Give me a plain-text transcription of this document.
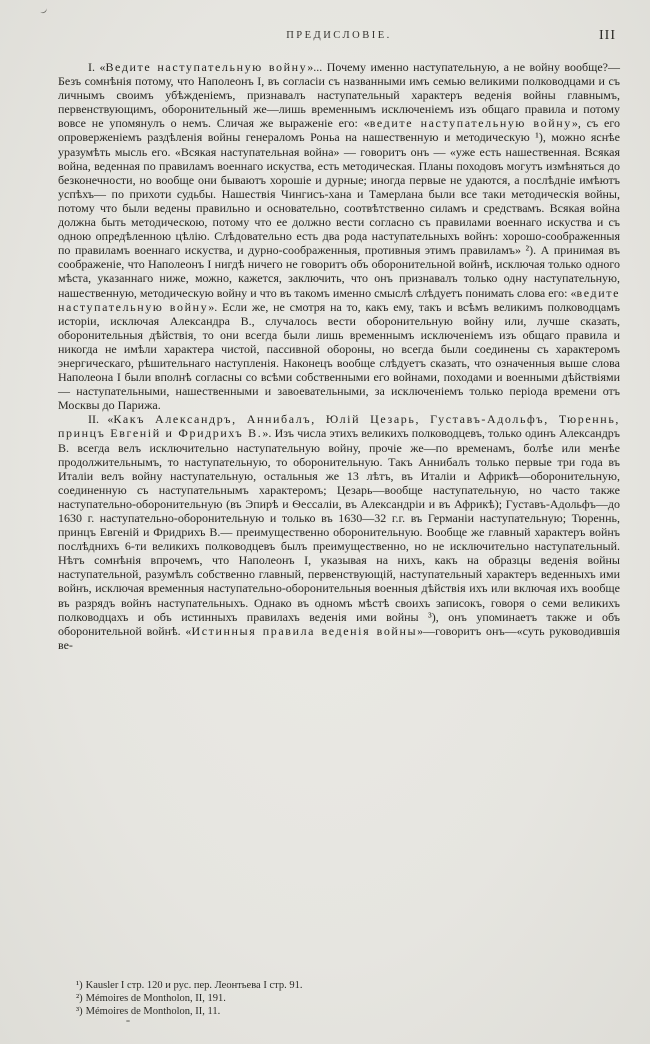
ПРЕДИСЛОВІЕ.	III

I. «Ведите наступательную войну»... Почему именно наступательную, а не войну вообще?— Безъ сомнѣнія потому, что Наполеонъ I, въ согласіи съ названными имъ семью великими полководцами и съ личнымъ своимъ убѣжденіемъ, признавалъ наступательный характеръ веденія войны главнымъ, первенствующимъ, оборонительный же—лишь временнымъ исключеніемъ изъ общаго правила и потому вовсе не упомянулъ о немъ. Сличая же выраженіе его: «ведите наступательную войну», съ его опроверженіемъ раздѣленія войны генераломъ Роньа на нашественную и методическую ¹), можно яснѣе уразумѣть мысль его. «Всякая наступательная война» — говоритъ онъ — «уже есть нашественная. Всякая война, веденная по правиламъ военнаго искуства, есть методическая. Планы походовъ могутъ измѣняться до безконечности, но вообще они бываютъ хорошіе и дурные; иногда первые не удаются, а послѣдніе имѣютъ успѣхъ— по прихоти судьбы. Нашествія Чингисъ-хана и Тамерлана были все таки методическія войны, потому что были ведены правильно и основательно, соотвѣтственно силамъ и средствамъ. Всякая война должна быть методическою, потому что ее должно вести согласно съ правилами военнаго искуства и съ одною опредѣленною цѣлію. Слѣдовательно есть два рода наступательныхъ войнъ: хорошо-соображенныя по правиламъ военнаго искуства, и дурно-соображенныя, противныя этимъ правиламъ» ²). А принимая въ соображеніе, что Наполеонъ I нигдѣ ничего не говоритъ объ оборонительной войнѣ, исключая только одного мѣста, указаннаго ниже, можно, кажется, заключить, что онъ признавалъ только одну наступательную, нашественную, методическую войну и что въ такомъ именно смыслѣ слѣдуетъ понимать слова его: «ведите наступательную войну». Если же, не смотря на то, какъ ему, такъ и всѣмъ великимъ полководцамъ исторіи, исключая Александра В., случалось вести оборонительную войну или, лучше сказать, оборонительныя дѣйствія, то они всегда были лишь временнымъ исключеніемъ изъ общаго правила и никогда не имѣли характера чистой, пассивной обороны, но всегда были соединены съ характеромъ энергическаго, рѣшительнаго наступленія. Наконецъ вообще слѣдуетъ сказать, что означенныя выше слова Наполеона I были вполнѣ согласны со всѣми собственными его войнами, походами и военными дѣйствіями— наступательными, нашественными и завоевательными, за исключеніемъ только періода времени отъ Москвы до Парижа.

II. «Какъ Александръ, Аннибалъ, Юлій Цезарь, Густавъ-Адольфъ, Тюреннь, принцъ Евгеній и Фридрихъ В.». Изъ числа этихъ великихъ полководцевъ, только одинъ Александръ В. всегда велъ исключительно наступательную войну, прочіе же—по временамъ, болѣе или менѣе продолжительнымъ, то наступательную, то оборонительную. Такъ Аннибалъ только первые три года въ Италіи велъ войну наступательную, остальныя же 13 лѣтъ, въ Италіи и Африкѣ—оборонительную, соединенную съ наступательнымъ характеромъ; Цезарь—вообще наступательную, но часто также наступательно-оборонительную (въ Эпирѣ и Ѳессаліи, въ Александріи и въ Африкѣ); Густавъ-Адольфъ—до 1630 г. наступательно-оборонительную и только въ 1630—32 г.г. въ Германіи наступательную; Тюреннь, принцъ Евгеній и Фридрихъ В.— преимущественно оборонительную. Вообще же главный характеръ войнъ послѣднихъ 6-ти великихъ полководцевъ былъ преимущественно, но не исключительно наступательный. Нѣтъ сомнѣнія впрочемъ, что Наполеонъ I, указывая на нихъ, какъ на образцы веденія войны наступательной, разумѣлъ собственно главный, первенствующій, наступательный характеръ веденныхъ ими войнъ, исключая временныя наступательно-оборонительныя военныя дѣйствія ихъ или включая ихъ вообще въ разрядъ войнъ наступательныхъ. Однако въ одномъ мѣстѣ своихъ записокъ, говоря о семи великихъ полководцахъ и объ истинныхъ правилахъ веденія ими войны ³), онъ упоминаетъ также и объ оборонительной войнѣ. «Истинныя правила веденія войны»—говоритъ онъ—«суть руководившія ве-

¹) Kausler I стр. 120 и рус. пер. Леонтьева I стр. 91.
²) Mémoires de Montholon, II, 191.
³) Mémoires de Montholon, II, 11.
